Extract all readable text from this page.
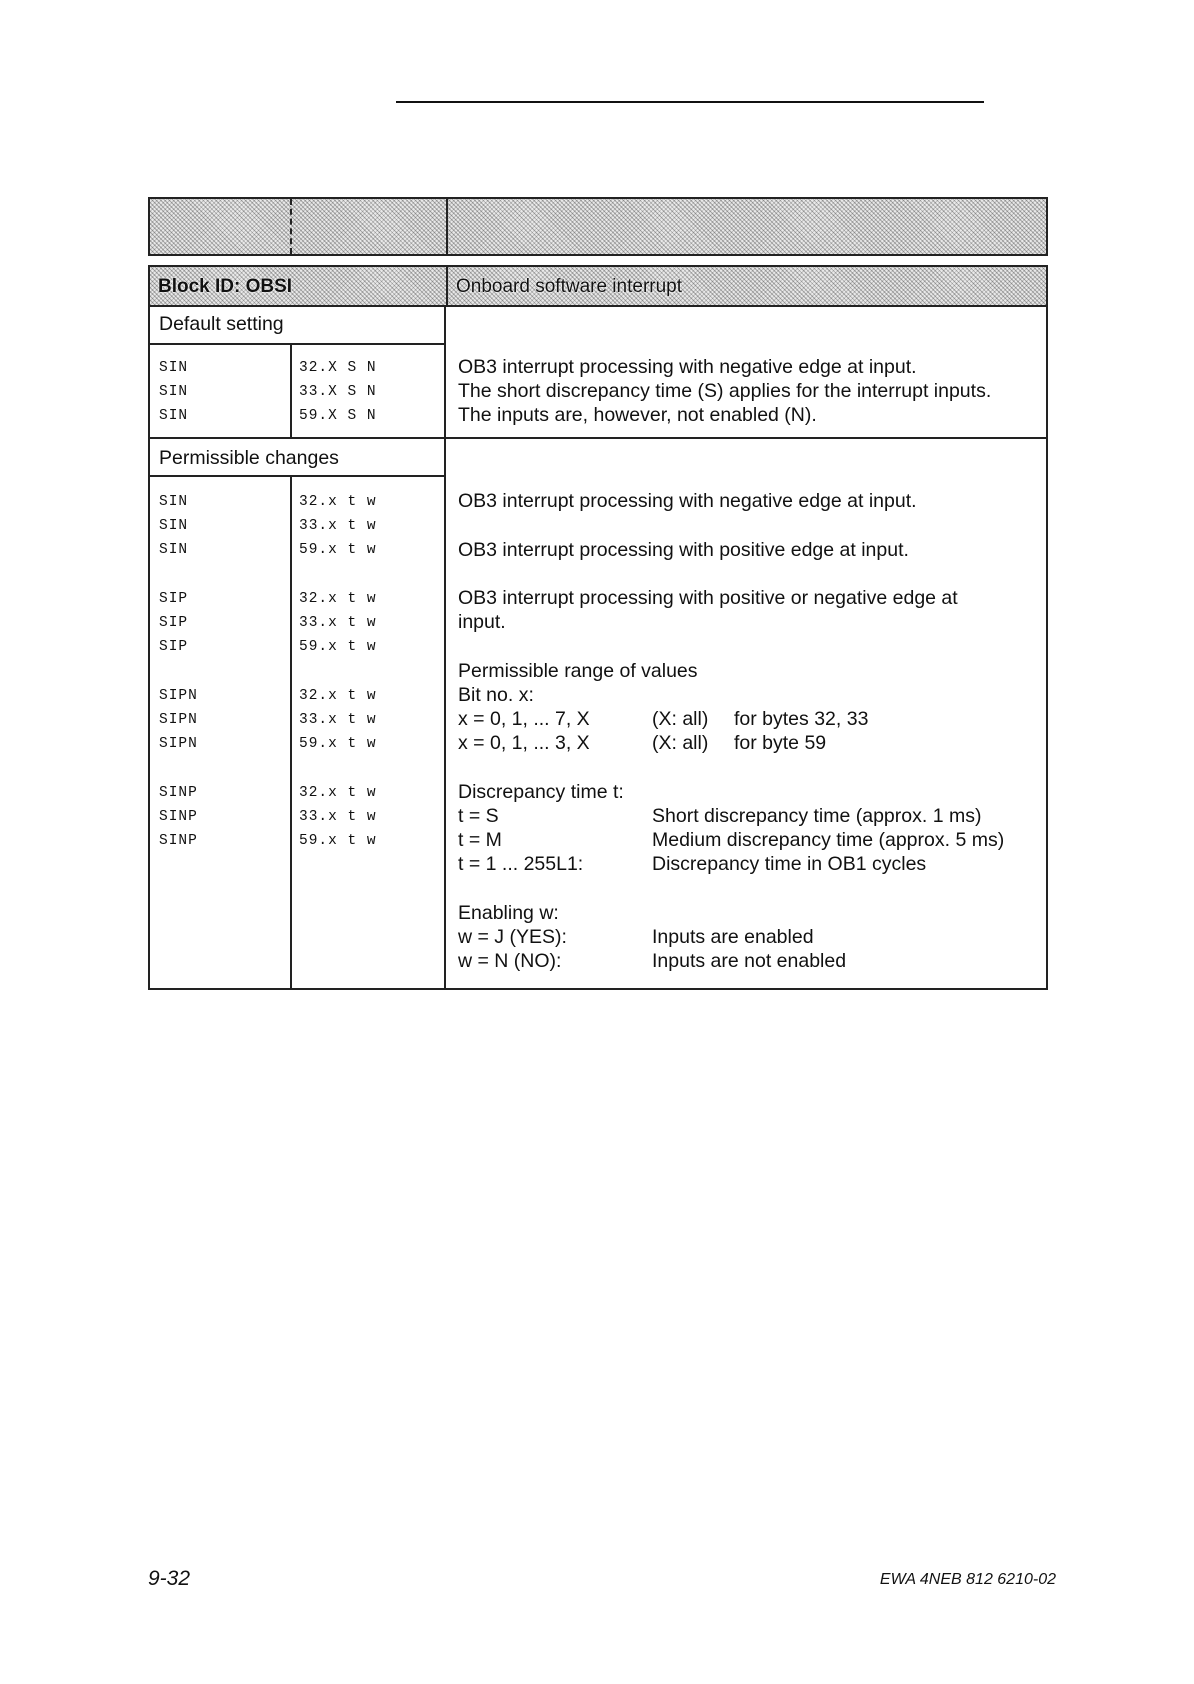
Block ID: OBSI	Onboard software interrupt
Default setting
SIN	32.X S N
SIN	33.X S N
SIN	59.X S N
OB3 interrupt processing with negative edge at input.
The short discrepancy time (S) applies for the interrupt inputs.
The inputs are, however, not enabled (N).
Permissible changes
SIN	32.x t w
SIN	33.x t w
SIN	59.x t w
SIP	32.x t w
SIP	33.x t w
SIP	59.x t w
SIPN	32.x t w
SIPN	33.x t w
SIPN	59.x t w
SINP	32.x t w
SINP	33.x t w
SINP	59.x t w
OB3 interrupt processing with negative edge at input.
OB3 interrupt processing with positive edge at input.
OB3 interrupt processing with positive or negative edge at
input.
Permissible range of values
Bit no. x:
x = 0, 1, ... 7, X	(X: all) for bytes 32, 33
x = 0, 1, ... 3, X	(X: all) for byte 59
Discrepancy time t:
t = S	Short discrepancy time (approx. 1 ms)
t = M	Medium discrepancy time (approx. 5 ms)
t = 1 ... 255L1:	Discrepancy time in OB1 cycles
Enabling w:
w = J (YES):	Inputs are enabled
w = N (NO):	Inputs are not enabled
9-32	EWA 4NEB 812 6210-02
